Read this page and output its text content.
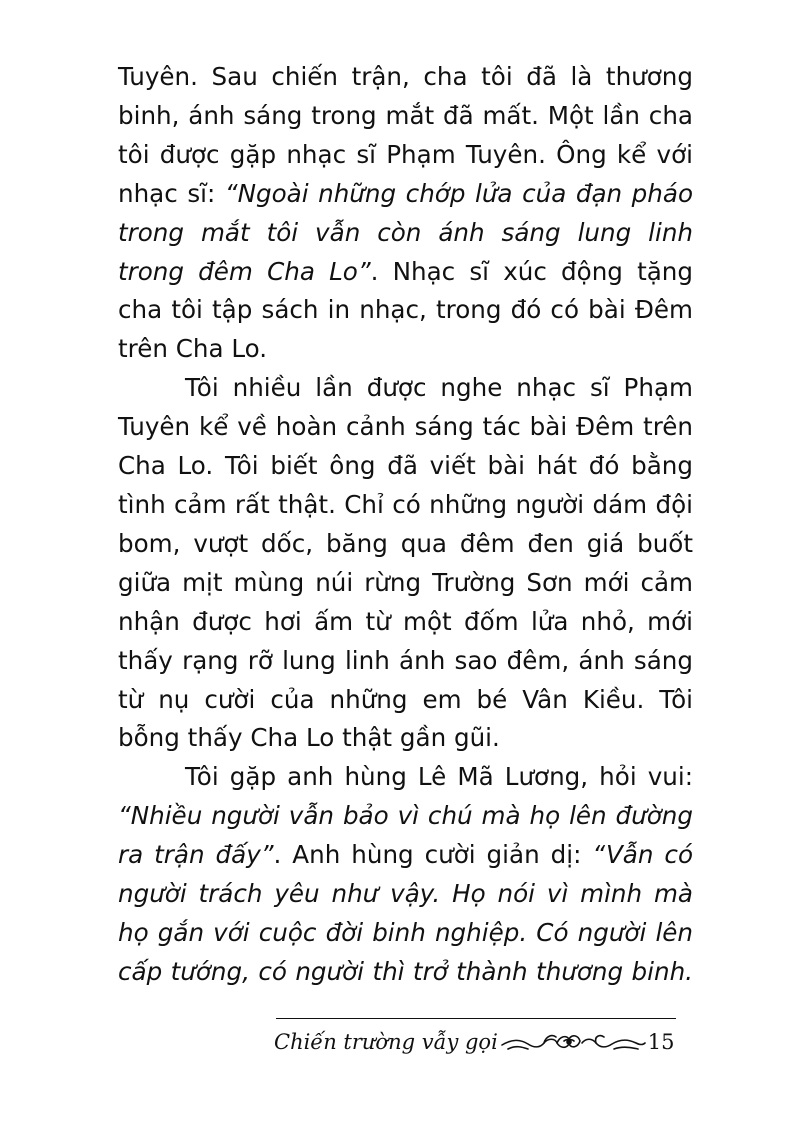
Tuyên. Sau chiến trận, cha tôi đã là thương binh, ánh sáng trong mắt đã mất. Một lần cha tôi được gặp nhạc sĩ Phạm Tuyên. Ông kể với nhạc sĩ: “Ngoài những chớp lửa của đạn pháo trong mắt tôi vẫn còn ánh sáng lung linh trong đêm Cha Lo”. Nhạc sĩ xúc động tặng cha tôi tập sách in nhạc, trong đó có bài Đêm trên Cha Lo.

Tôi nhiều lần được nghe nhạc sĩ Phạm Tuyên kể về hoàn cảnh sáng tác bài Đêm trên Cha Lo. Tôi biết ông đã viết bài hát đó bằng tình cảm rất thật. Chỉ có những người dám đội bom, vượt dốc, băng qua đêm đen giá buốt giữa mịt mùng núi rừng Trường Sơn mới cảm nhận được hơi ấm từ một đốm lửa nhỏ, mới thấy rạng rỡ lung linh ánh sao đêm, ánh sáng từ nụ cười của những em bé Vân Kiều. Tôi bỗng thấy Cha Lo thật gần gũi.

Tôi gặp anh hùng Lê Mã Lương, hỏi vui: “Nhiều người vẫn bảo vì chú mà họ lên đường ra trận đấy”. Anh hùng cười giản dị: “Vẫn có người trách yêu như vậy. Họ nói vì mình mà họ gắn với cuộc đời binh nghiệp. Có người lên cấp tướng, có người thì trở thành thương binh.

Chiến trường vẫy gọi	15
